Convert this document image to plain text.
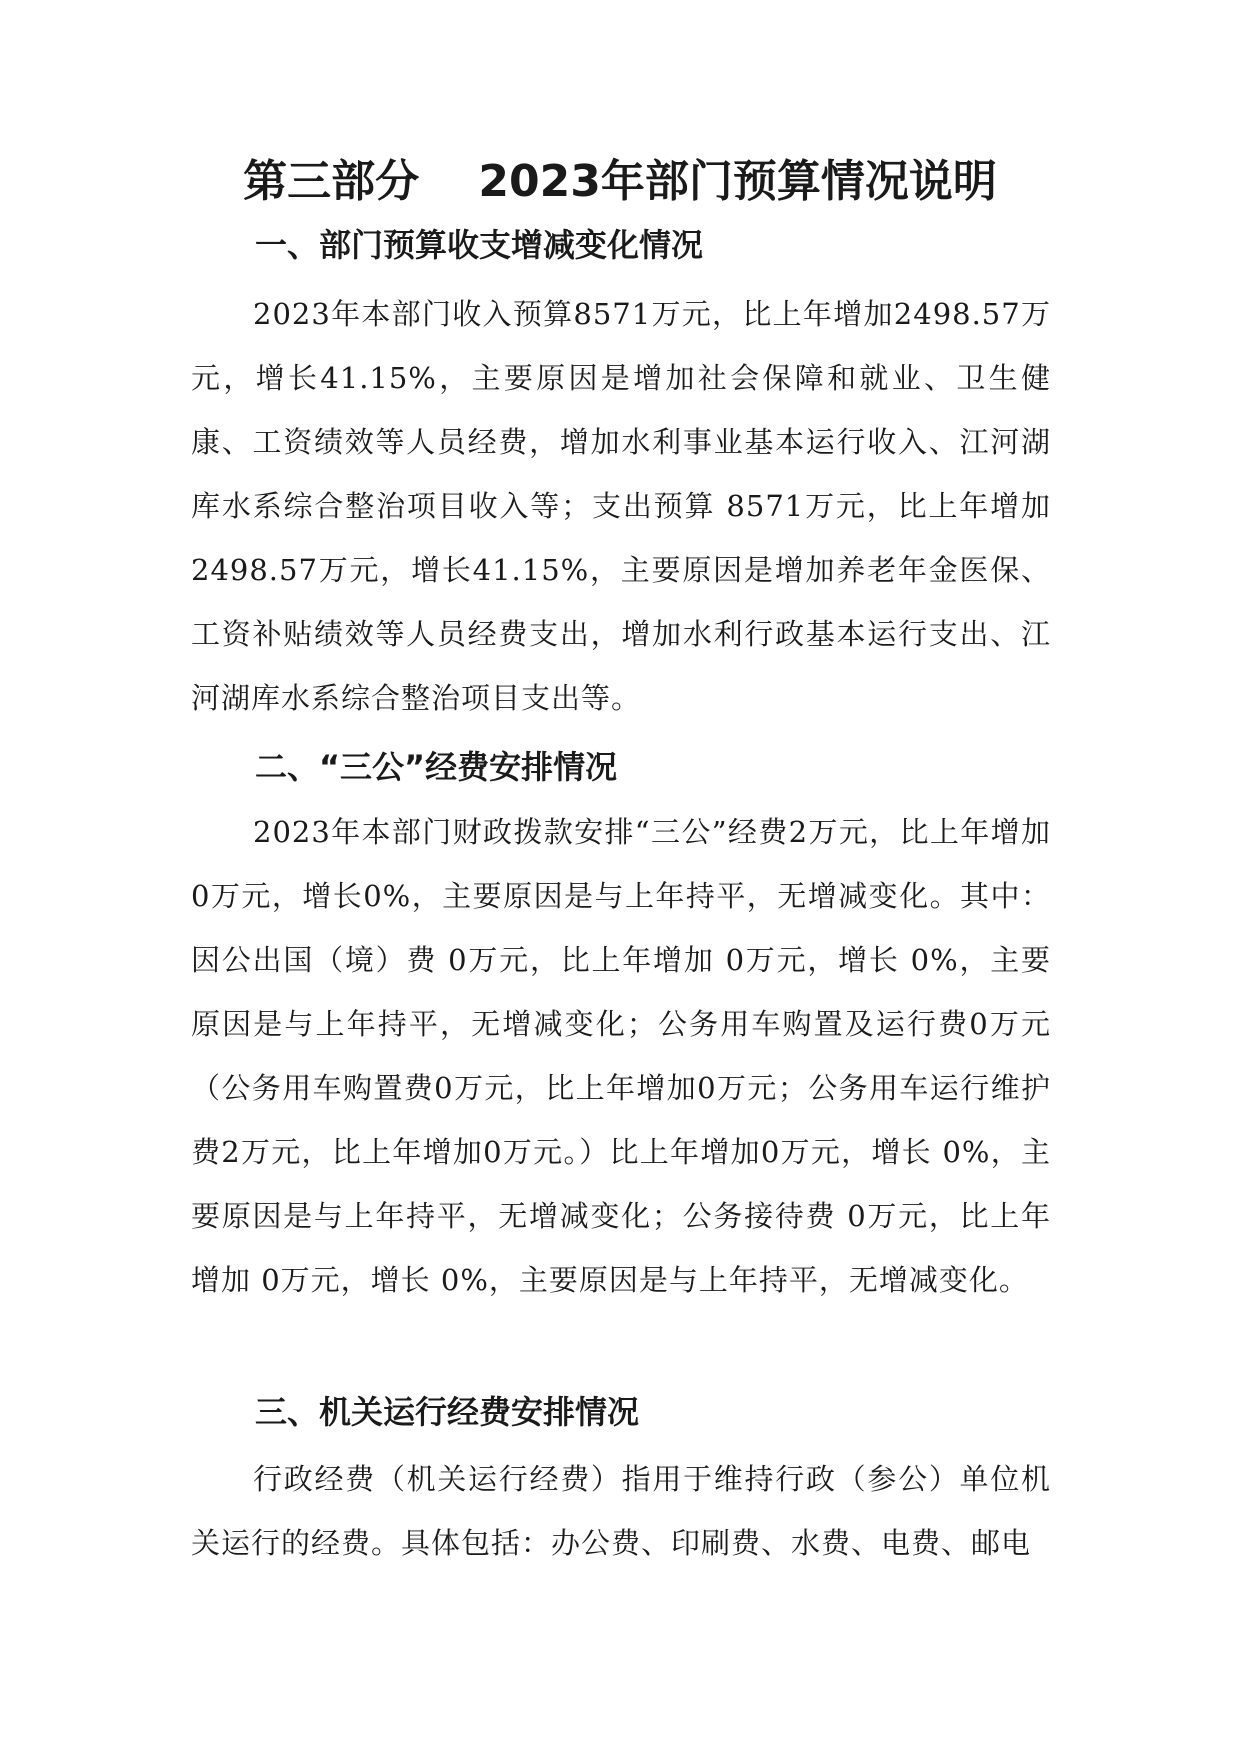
第三部分　 2023年部门预算情况说明
一、部门预算收支增减变化情况

2023年本部门收入预算8571万元，比上年增加2498.57万元，增长41.15%，主要原因是增加社会保障和就业、卫生健康、工资绩效等人员经费，增加水利事业基本运行收入、江河湖库水系综合整治项目收入等；支出预算 8571万元，比上年增加2498.57万元，增长41.15%，主要原因是增加养老年金医保、工资补贴绩效等人员经费支出，增加水利行政基本运行支出、江河湖库水系综合整治项目支出等。

二、“三公”经费安排情况

2023年本部门财政拨款安排“三公”经费2万元，比上年增加0万元，增长0%，主要原因是与上年持平，无增减变化。其中：因公出国（境）费 0万元，比上年增加 0万元，增长 0%，主要原因是与上年持平，无增减变化；公务用车购置及运行费0万元（公务用车购置费0万元，比上年增加0万元；公务用车运行维护费2万元，比上年增加0万元。）比上年增加0万元，增长 0%，主要原因是与上年持平，无增减变化；公务接待费 0万元，比上年增加 0万元，增长 0%，主要原因是与上年持平，无增减变化。

三、机关运行经费安排情况

行政经费（机关运行经费）指用于维持行政（参公）单位机关运行的经费。具体包括：办公费、印刷费、水费、电费、邮电
